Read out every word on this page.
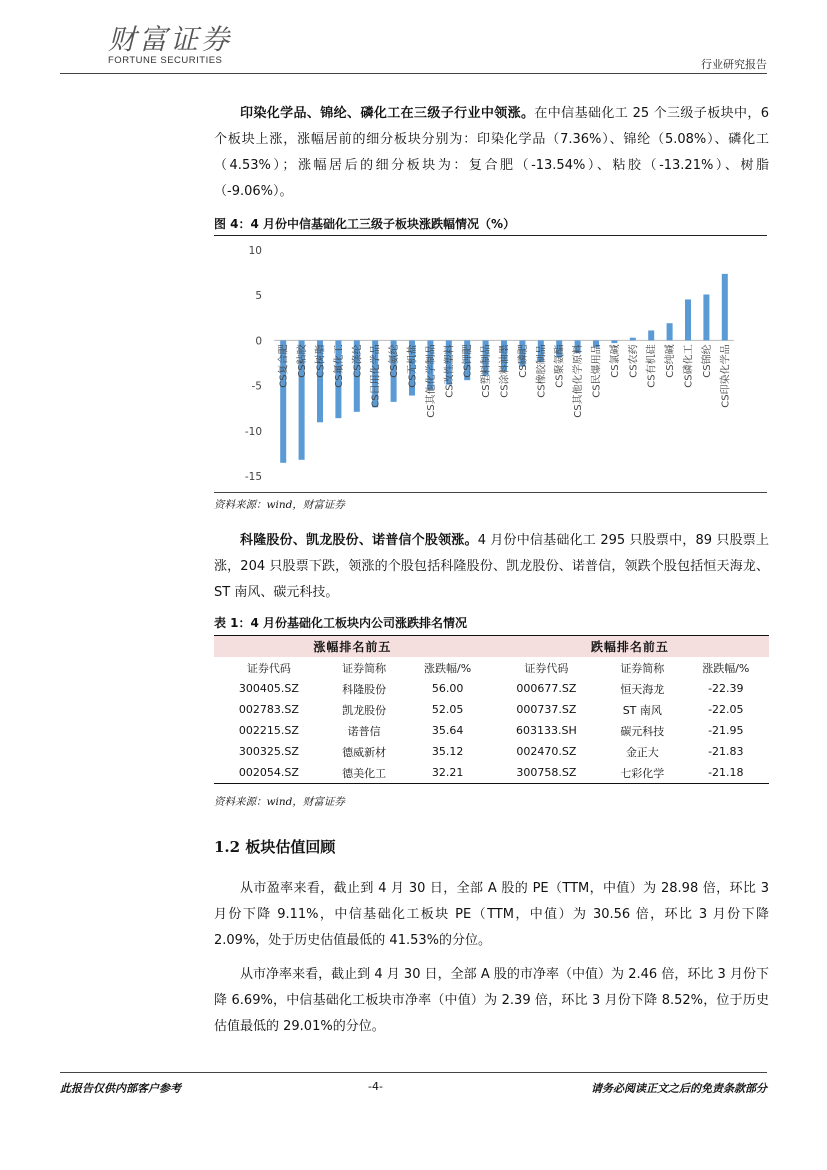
财富证券
FORTUNE SECURITIES	行业研究报告
印染化学品、锦纶、磷化工在三级子行业中领涨。在中信基础化工 25 个三级子板块中，6 个板块上涨，涨幅居前的细分板块分别为：印染化学品（7.36%）、锦纶（5.08%）、磷化工（4.53%）；涨幅居后的细分板块为：复合肥（-13.54%）、粘胶（-13.21%）、树脂（-9.06%）。
图 4：4 月份中信基础化工三级子板块涨跌幅情况（%）
10
5
0
-5
-10
-15
CS复合肥 CS粘胶 CS树脂 CS氟化工 CS涤纶 CS日用化学品 CS氨纶 CS无机盐 CS其他化学制品 CS改性塑料 CS钾肥 CS塑料制品 CS涂料油墨 CS磷肥 CS橡胶制品 CS聚氨酯 CS其他化学原料 CS民爆用品 CS氯碱 CS农药 CS有机硅 CS纯碱 CS磷化工 CS锦纶 CS印染化学品
资料来源：wind，财富证券
科隆股份、凯龙股份、诺普信个股领涨。4 月份中信基础化工 295 只股票中，89 只股票上涨，204 只股票下跌，领涨的个股包括科隆股份、凯龙股份、诺普信，领跌个股包括恒天海龙、ST 南风、碳元科技。
表 1：4 月份基础化工板块内公司涨跌排名情况
涨幅排名前五			跌幅排名前五		
证券代码	证券简称	涨跌幅/%	证券代码	证券简称	涨跌幅/%
300405.SZ	科隆股份	56.00	000677.SZ	恒天海龙	-22.39
002783.SZ	凯龙股份	52.05	000737.SZ	ST 南风	-22.05
002215.SZ	诺普信	35.64	603133.SH	碳元科技	-21.95
300325.SZ	德威新材	35.12	002470.SZ	金正大	-21.83
002054.SZ	德美化工	32.21	300758.SZ	七彩化学	-21.18
资料来源：wind，财富证券
1.2 板块估值回顾
从市盈率来看，截止到 4 月 30 日，全部 A 股的 PE（TTM，中值）为 28.98 倍，环比 3 月份下降 9.11%，中信基础化工板块 PE（TTM，中值）为 30.56 倍，环比 3 月份下降 2.09%，处于历史估值最低的 41.53%的分位。
从市净率来看，截止到 4 月 30 日，全部 A 股的市净率（中值）为 2.46 倍，环比 3 月份下降 6.69%，中信基础化工板块市净率（中值）为 2.39 倍，环比 3 月份下降 8.52%，位于历史估值最低的 29.01%的分位。
此报告仅供内部客户参考	-4-	请务必阅读正文之后的免责条款部分
